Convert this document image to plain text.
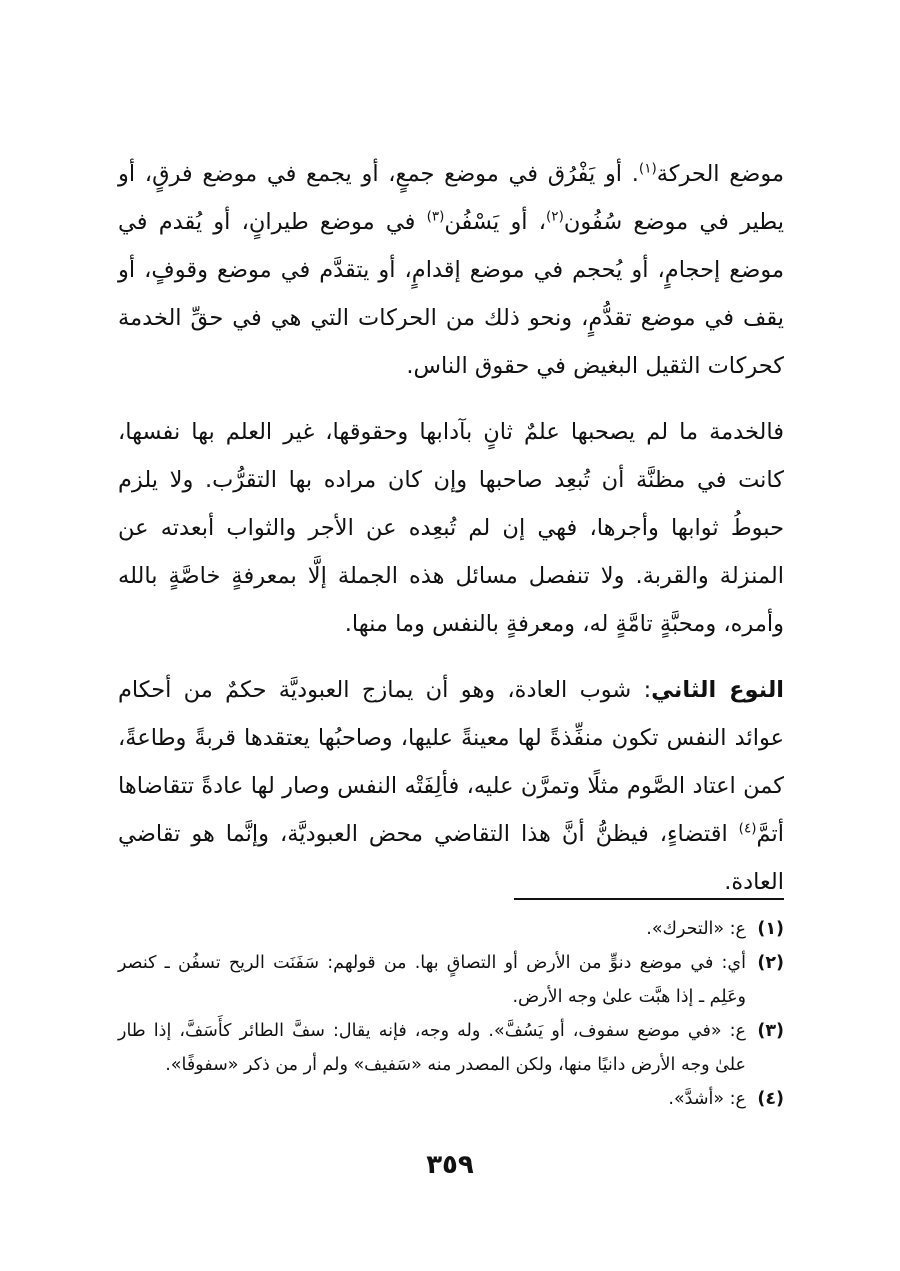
موضع الحركة$^{(١)}$. أو يَفْرُق في موضع جمعٍ، أو يجمع في موضع فرقٍ، أو يطير في موضع سُفُون$^{(٢)}$، أو يَسْفُن$^{(٣)}$ في موضع طيرانٍ، أو يُقدم في موضع إحجامٍ، أو يُحجم في موضع إقدامٍ، أو يتقدَّم في موضع وقوفٍ، أو يقف في موضع تقدُّمٍ، ونحو ذلك من الحركات التي هي في حقِّ الخدمة كحركات الثقيل البغيض في حقوق الناس.

فالخدمة ما لم يصحبها علمٌ ثانٍ بآدابها وحقوقها، غير العلم بها نفسها، كانت في مظنَّة أن تُبعِد صاحبها وإن كان مراده بها التقرُّب. ولا يلزم حبوطُ ثوابها وأجرها، فهي إن لم تُبعِده عن الأجر والثواب أبعدته عن المنزلة والقربة. ولا تنفصل مسائل هذه الجملة إلَّا بمعرفةٍ خاصَّةٍ بالله وأمره، ومحبَّةٍ تامَّةٍ له، ومعرفةٍ بالنفس وما منها.

النوع الثاني: شوب العادة، وهو أن يمازج العبوديَّة حكمٌ من أحكام عوائد النفس تكون منفِّذةً لها معينةً عليها، وصاحبُها يعتقدها قربةً وطاعةً، كمن اعتاد الصَّوم مثلًا وتمرَّن عليه، فألِفَتْه النفس وصار لها عادةً تتقاضاها أتمَّ$^{(٤)}$ اقتضاءٍ، فيظنُّ أنَّ هذا التقاضي محض العبوديَّة، وإنَّما هو تقاضي العادة.

(١)
ع: «التحرك».
(٢)
أي: في موضع دنوٍّ من الأرض أو التصاقٍ بها. من قولهم: سَفَنَت الريح تسفُن ـ كنصر وعَلِم ـ إذا هبَّت علىٰ وجه الأرض.
(٣)
ع: «في موضع سفوف، أو يَسُفَّ». وله وجه، فإنه يقال: سفَّ الطائر كأَسَفَّ، إذا طار علىٰ وجه الأرض دانيًا منها، ولكن المصدر منه «سَفيف» ولم أر من ذكر «سفوفًا».
(٤)
ع: «أشدَّ».
٣٥٩
